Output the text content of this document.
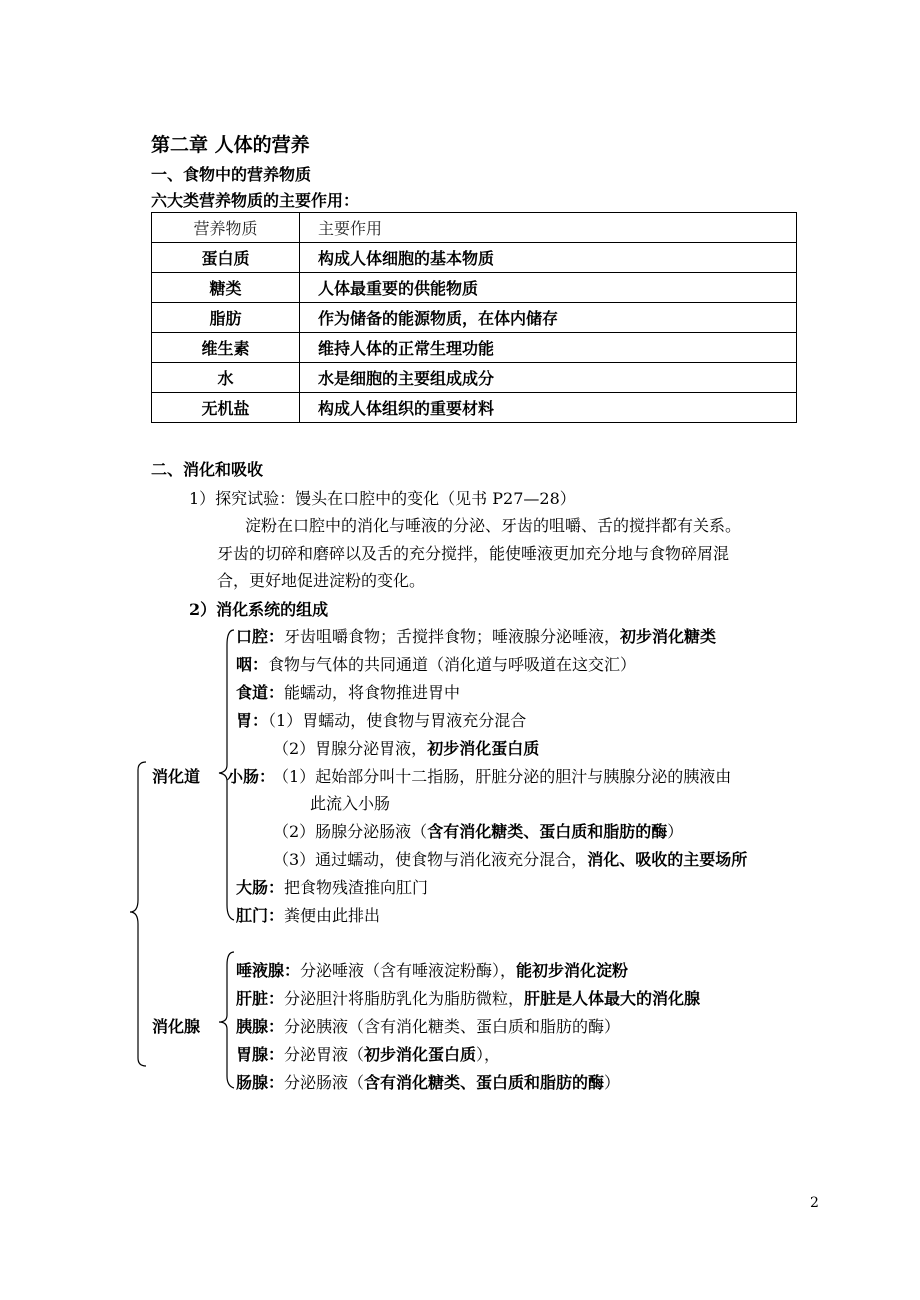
第二章 人体的营养
一、食物中的营养物质
六大类营养物质的主要作用：
营养物质	主要作用
蛋白质	构成人体细胞的基本物质
糖类	人体最重要的供能物质
脂肪	作为储备的能源物质，在体内储存
维生素	维持人体的正常生理功能
水	水是细胞的主要组成成分
无机盐	构成人体组织的重要材料
二、消化和吸收
1）探究试验：馒头在口腔中的变化（见书 P27—28）
淀粉在口腔中的消化与唾液的分泌、牙齿的咀嚼、舌的搅拌都有关系。
牙齿的切碎和磨碎以及舌的充分搅拌，能使唾液更加充分地与食物碎屑混
合，更好地促进淀粉的变化。
2）消化系统的组成
消化道
消化腺
口腔：牙齿咀嚼食物；舌搅拌食物；唾液腺分泌唾液，初步消化糖类
咽：食物与气体的共同通道（消化道与呼吸道在这交汇）
食道：能蠕动，将食物推进胃中
胃：（1）胃蠕动，使食物与胃液充分混合
（2）胃腺分泌胃液，初步消化蛋白质
小肠： （1）起始部分叫十二指肠，肝脏分泌的胆汁与胰腺分泌的胰液由
此流入小肠
（2）肠腺分泌肠液（含有消化糖类、蛋白质和脂肪的酶）
（3）通过蠕动，使食物与消化液充分混合，消化、吸收的主要场所
大肠：把食物残渣推向肛门
肛门：粪便由此排出
唾液腺：分泌唾液（含有唾液淀粉酶），能初步消化淀粉
肝脏：分泌胆汁将脂肪乳化为脂肪微粒，肝脏是人体最大的消化腺
胰腺：分泌胰液（含有消化糖类、蛋白质和脂肪的酶）
胃腺：分泌胃液（初步消化蛋白质），
肠腺：分泌肠液（含有消化糖类、蛋白质和脂肪的酶）
2
